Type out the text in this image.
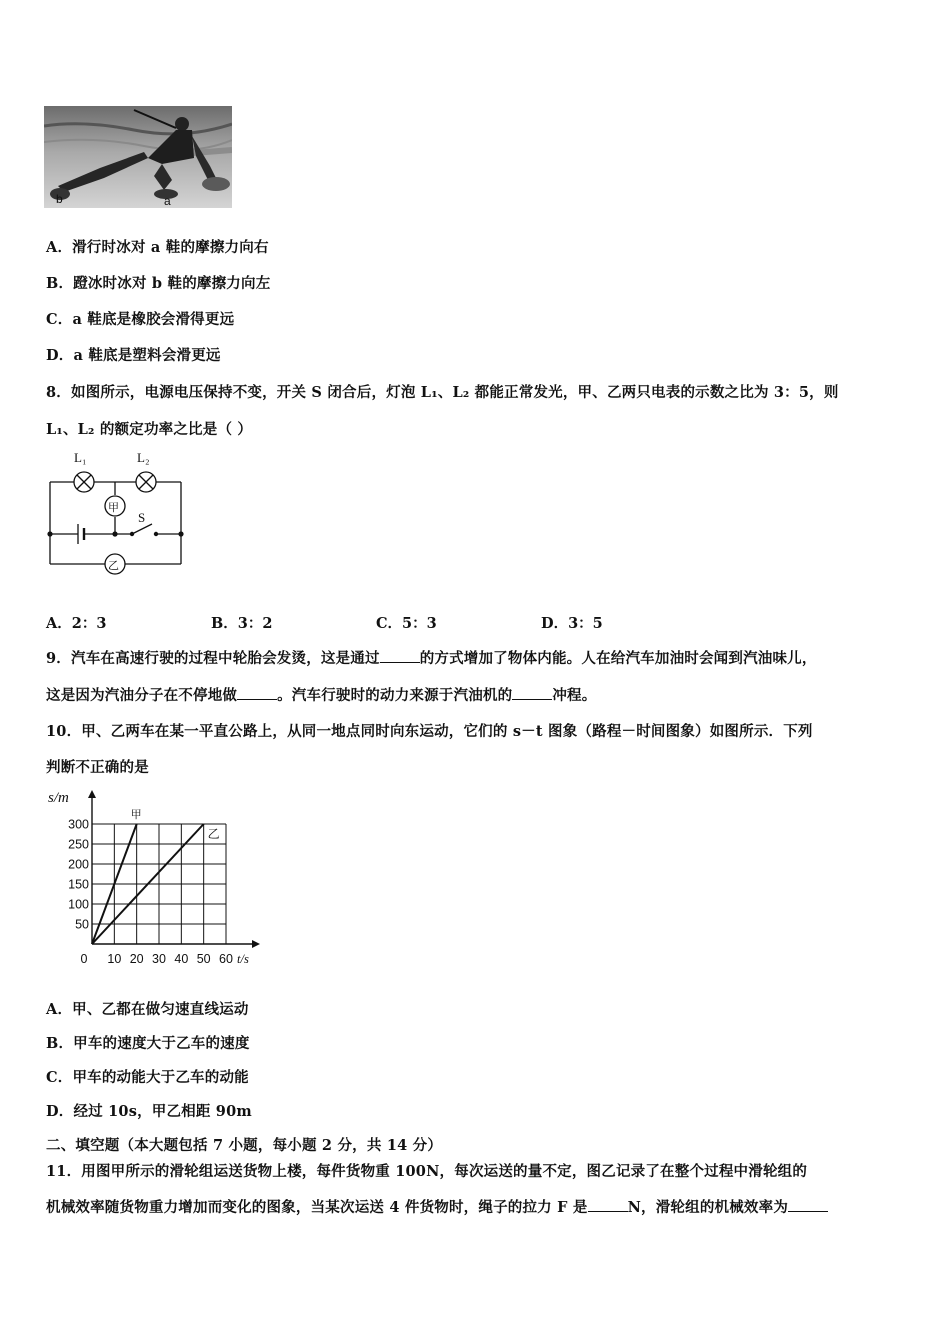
b	a
A．滑行时冰对 a 鞋的摩擦力向右
B．蹬冰时冰对 b 鞋的摩擦力向左
C．a 鞋底是橡胶会滑得更远
D．a 鞋底是塑料会滑更远
8．如图所示，电源电压保持不变，开关 S 闭合后，灯泡 L₁、L₂ 都能正常发光，甲、乙两只电表的示数之比为 3：5，则
L₁、L₂ 的额定功率之比是（ ）
L₁	L₂
甲
S
乙
A．2：3	B．3：2	C．5：3	D．3：5
9．汽车在高速行驶的过程中轮胎会发烫，这是通过	的方式增加了物体内能。人在给汽车加油时会闻到汽油味儿，
这是因为汽油分子在不停地做	。汽车行驶时的动力来源于汽油机的	冲程。
10．甲、乙两车在某一平直公路上，从同一地点同时向东运动，它们的 s－t 图象（路程－时间图象）如图所示．下列
判断不正确的是
0 10 20 30 40 50 60
50
100
150
200
250
300
s/m
t/s
甲
乙
A．甲、乙都在做匀速直线运动
B．甲车的速度大于乙车的速度
C．甲车的动能大于乙车的动能
D．经过 10s，甲乙相距 90m
二、填空题（本大题包括 7 小题，每小题 2 分，共 14 分）
11．用图甲所示的滑轮组运送货物上楼，每件货物重 100N，每次运送的量不定，图乙记录了在整个过程中滑轮组的
机械效率随货物重力增加而变化的图象，当某次运送 4 件货物时，绳子的拉力 F 是	N，滑轮组的机械效率为
